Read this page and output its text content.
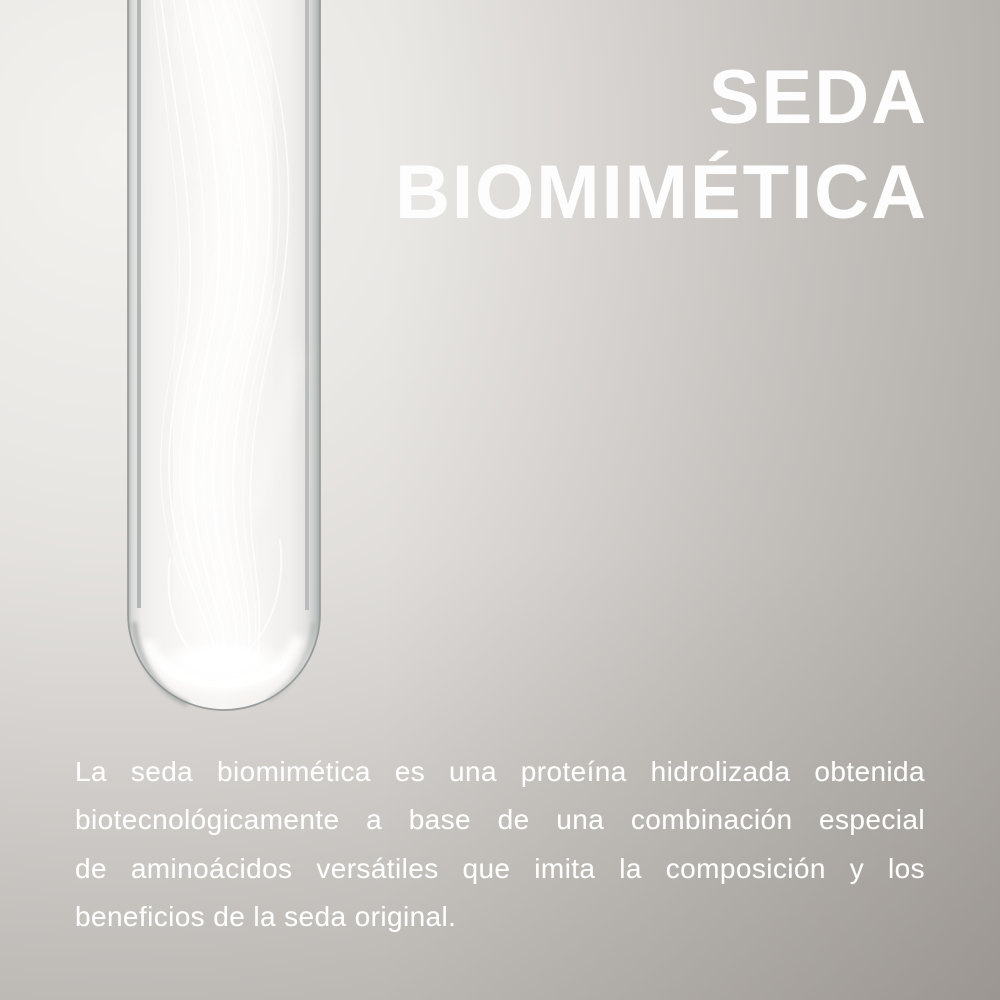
SEDA
BIOMIMÉTICA
La seda biomimética es una proteína hidrolizada obtenida
biotecnológicamente a base de una combinación especial
de aminoácidos versátiles que imita la composición y los
beneficios de la seda original.
